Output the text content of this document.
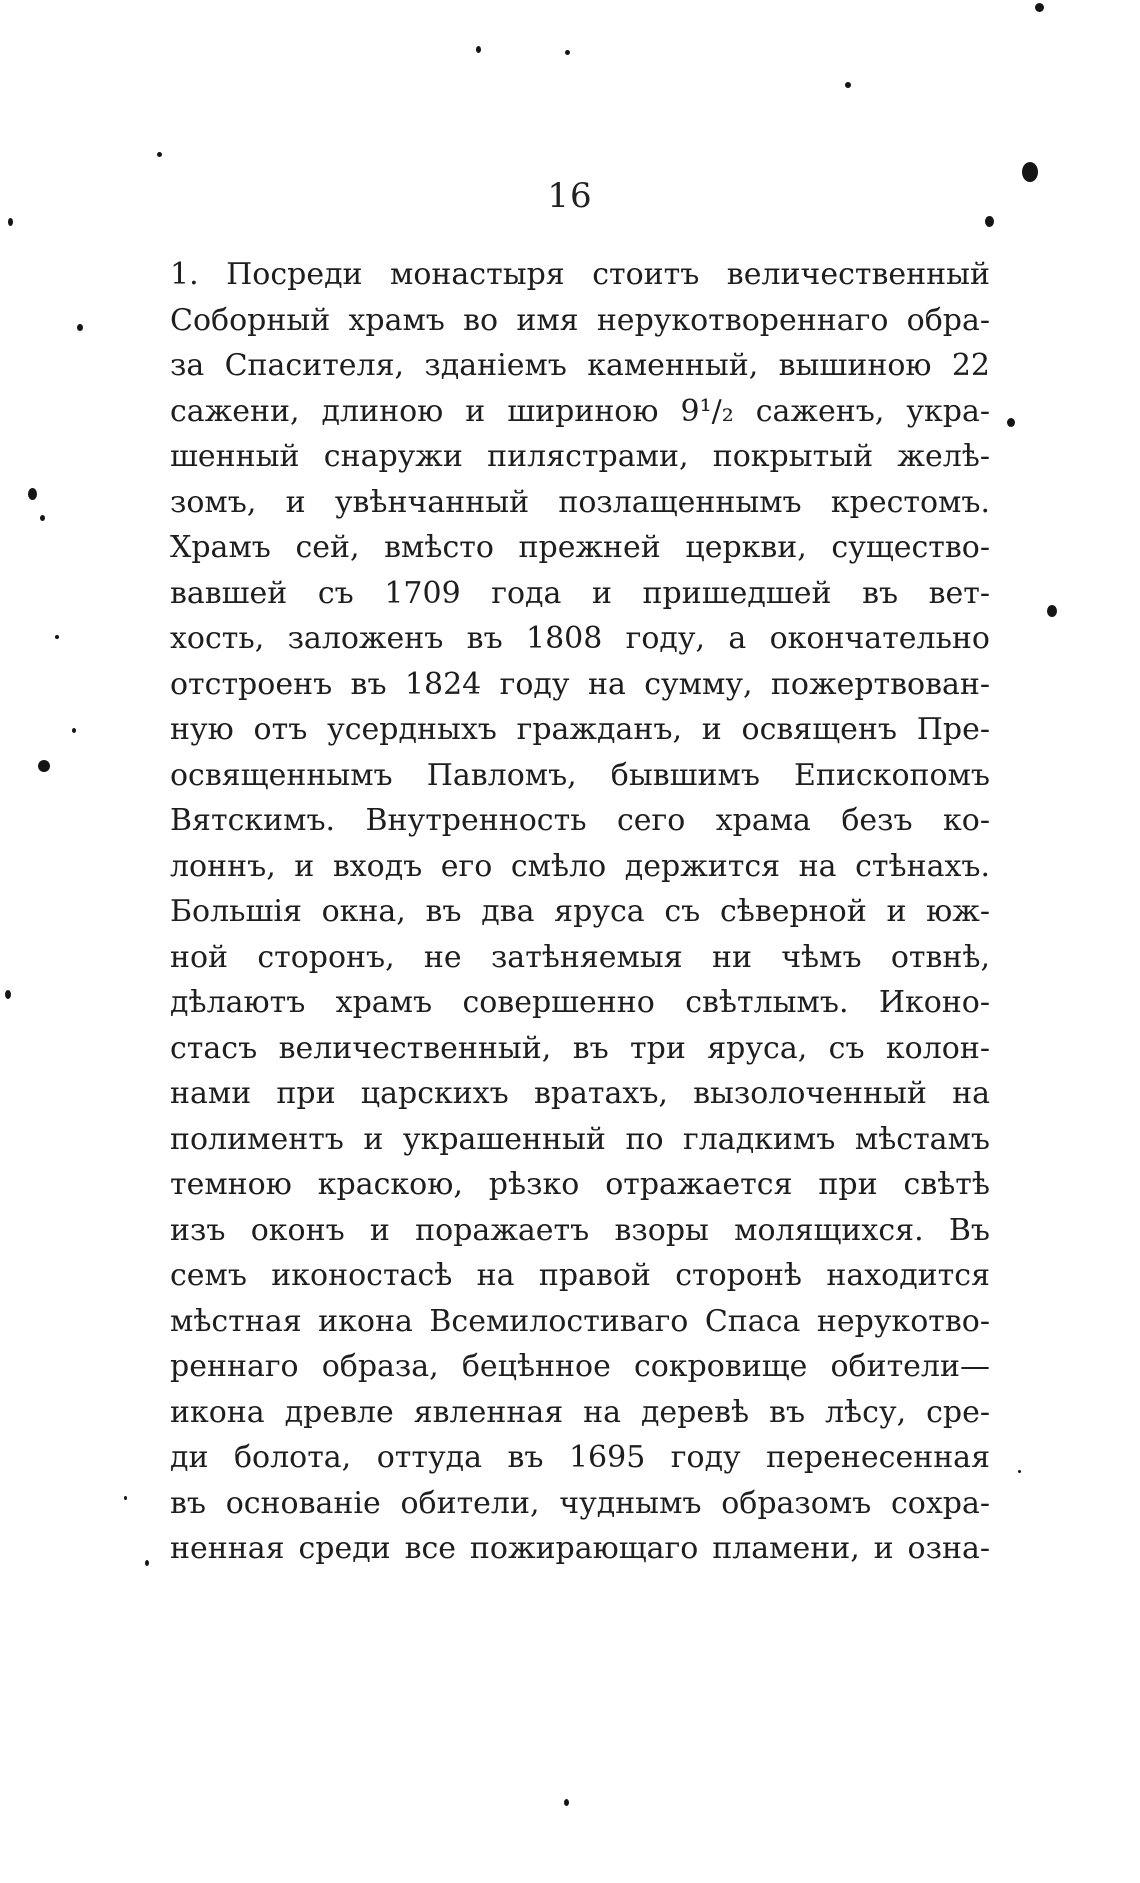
16
1. Посреди монастыря стоитъ величественный
Соборный храмъ во имя нерукотвореннаго обра-
за Спасителя, зданіемъ каменный, вышиною 22
сажени, длиною и шириною 9¹/₂ саженъ, укра-
шенный снаружи пилястрами, покрытый желѣ-
зомъ, и увѣнчанный позлащеннымъ крестомъ.
Храмъ сей, вмѣсто прежней церкви, существо-
вавшей съ 1709 года и пришедшей въ вет-
хость, заложенъ въ 1808 году, а окончательно
отстроенъ въ 1824 году на сумму, пожертвован-
ную отъ усердныхъ гражданъ, и освященъ Пре-
освященнымъ Павломъ, бывшимъ Епископомъ
Вятскимъ. Внутренность сего храма безъ ко-
лоннъ, и входъ его смѣло держится на стѣнахъ.
Большія окна, въ два яруса съ сѣверной и юж-
ной сторонъ, не затѣняемыя ни чѣмъ отвнѣ,
дѣлаютъ храмъ совершенно свѣтлымъ. Иконо-
стасъ величественный, въ три яруса, съ колон-
нами при царскихъ вратахъ, вызолоченный на
полиментъ и украшенный по гладкимъ мѣстамъ
темною краскою, рѣзко отражается при свѣтѣ
изъ оконъ и поражаетъ взоры молящихся. Въ
семъ иконостасѣ на правой сторонѣ находится
мѣстная икона Всемилостиваго Спаса нерукотво-
реннаго образа, бецѣнное сокровище обители—
икона древле явленная на деревѣ въ лѣсу, сре-
ди болота, оттуда въ 1695 году перенесенная
въ основаніе обители, чуднымъ образомъ сохра-
ненная среди все пожирающаго пламени, и озна-
